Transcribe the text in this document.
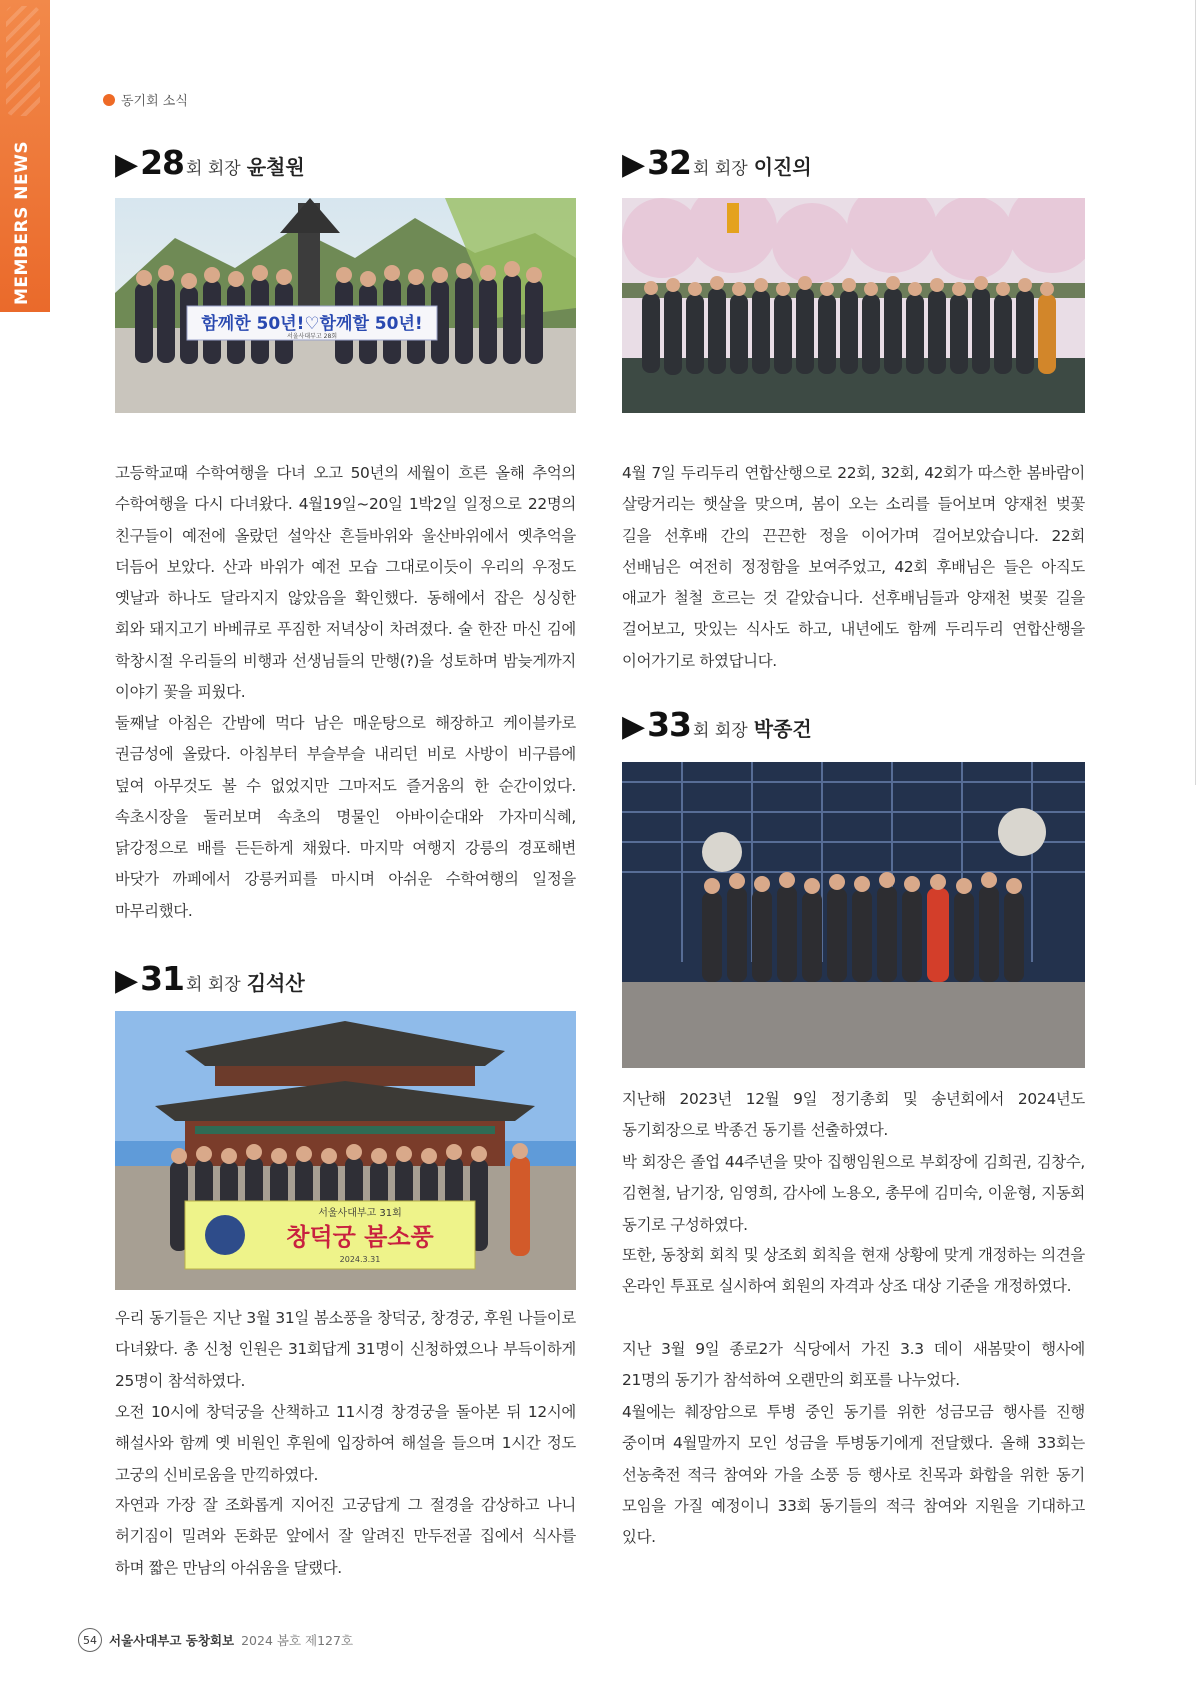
MEMBERS NEWS
동기회 소식
▶ 28 회 회장 윤철원
함께한 50년!♡함께할 50년!
서울사대부고 28회

고등학교때 수학여행을 다녀 오고 50년의 세월이 흐른 올해 추억의 수학여행을 다시 다녀왔다. 4월19일~20일 1박2일 일정으로 22명의 친구들이 예전에 올랐던 설악산 흔들바위와 울산바위에서 옛추억을 더듬어 보았다. 산과 바위가 예전 모습 그대로이듯이 우리의 우정도 옛날과 하나도 달라지지 않았음을 확인했다. 동해에서 잡은 싱싱한 회와 돼지고기 바베큐로 푸짐한 저녁상이 차려졌다. 술 한잔 마신 김에 학창시절 우리들의 비행과 선생님들의 만행(?)을 성토하며 밤늦게까지 이야기 꽃을 피웠다.

둘째날 아침은 간밤에 먹다 남은 매운탕으로 해장하고 케이블카로 권금성에 올랐다. 아침부터 부슬부슬 내리던 비로 사방이 비구름에 덮여 아무것도 볼 수 없었지만 그마저도 즐거움의 한 순간이었다. 속초시장을 둘러보며 속초의 명물인 아바이순대와 가자미식혜, 닭강정으로 배를 든든하게 채웠다. 마지막 여행지 강릉의 경포해변 바닷가 까페에서 강릉커피를 마시며 아쉬운 수학여행의 일정을 마무리했다.

▶ 31 회 회장 김석산
서울사대부고 31회
창덕궁 봄소풍
2024.3.31

우리 동기들은 지난 3월 31일 봄소풍을 창덕궁, 창경궁, 후원 나들이로 다녀왔다. 총 신청 인원은 31회답게 31명이 신청하였으나 부득이하게 25명이 참석하였다.

오전 10시에 창덕궁을 산책하고 11시경 창경궁을 돌아본 뒤 12시에 해설사와 함께 옛 비원인 후원에 입장하여 해설을 들으며 1시간 정도 고궁의 신비로움을 만끽하였다.

자연과 가장 잘 조화롭게 지어진 고궁답게 그 절경을 감상하고 나니 허기짐이 밀려와 돈화문 앞에서 잘 알려진 만두전골 집에서 식사를 하며 짧은 만남의 아쉬움을 달랬다.

▶ 32 회 회장 이진의

4월 7일 두리두리 연합산행으로 22회, 32회, 42회가 따스한 봄바람이 살랑거리는 햇살을 맞으며, 봄이 오는 소리를 들어보며 양재천 벚꽃 길을 선후배 간의 끈끈한 정을 이어가며 걸어보았습니다. 22회 선배님은 여전히 정정함을 보여주었고, 42회 후배님은 들은 아직도 애교가 철철 흐르는 것 같았습니다. 선후배님들과 양재천 벚꽃 길을 걸어보고, 맛있는 식사도 하고, 내년에도 함께 두리두리 연합산행을 이어가기로 하였답니다.

▶ 33 회 회장 박종건

지난해 2023년 12월 9일 정기총회 및 송년회에서 2024년도 동기회장으로 박종건 동기를 선출하였다.

박 회장은 졸업 44주년을 맞아 집행임원으로 부회장에 김희권, 김창수, 김현철, 남기장, 임영희, 감사에 노용오, 총무에 김미숙, 이윤형, 지동회 동기로 구성하였다.

또한, 동창회 회칙 및 상조회 회칙을 현재 상황에 맞게 개정하는 의견을 온라인 투표로 실시하여 회원의 자격과 상조 대상 기준을 개정하였다.

지난 3월 9일 종로2가 식당에서 가진 3.3 데이 새봄맞이 행사에 21명의 동기가 참석하여 오랜만의 회포를 나누었다.

4월에는 췌장암으로 투병 중인 동기를 위한 성금모금 행사를 진행 중이며 4월말까지 모인 성금을 투병동기에게 전달했다. 올해 33회는 선농축전 적극 참여와 가을 소풍 등 행사로 친목과 화합을 위한 동기 모임을 가질 예정이니 33회 동기들의 적극 참여와 지원을 기대하고 있다.

54 서울사대부고 동창회보 2024 봄호 제127호
